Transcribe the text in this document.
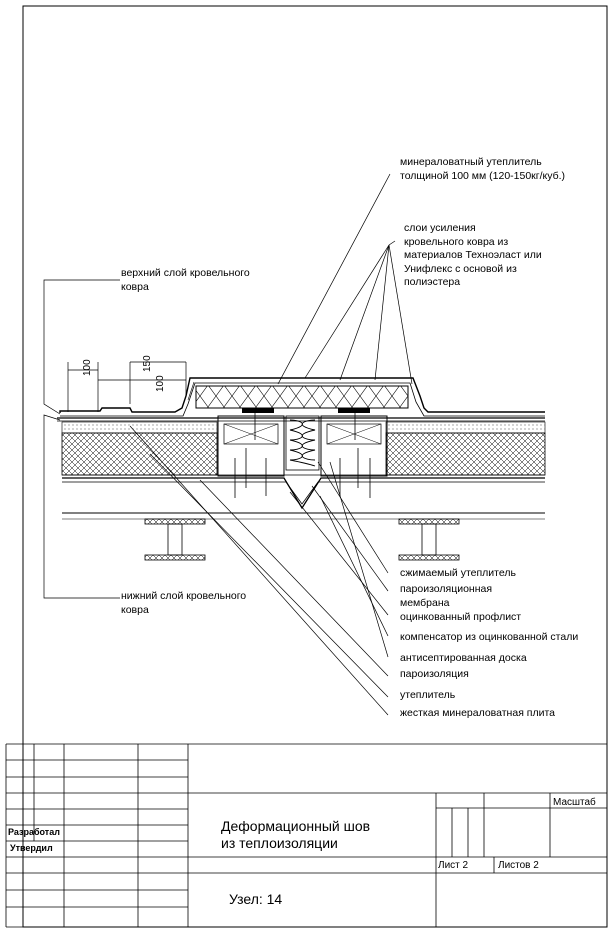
100	150
100
минераловатный утеплитель
толщиной 100 мм (120-150кг/куб.)
слои усиления
кровельного ковра из
материалов Техноэласт или
Унифлекс с основой из
полиэстера
верхний слой кровельного
ковра
нижний слой кровельного
ковра
сжимаемый утеплитель
пароизоляционная
мембрана
оцинкованный профлист
компенсатор из оцинкованной стали
антисептированная доска
пароизоляция
утеплитель
жесткая минераловатная плита
Разработал
Утвердил
Деформационный шов
из теплоизоляции
Узел: 14
Масштаб
Лист 2	Листов 2
